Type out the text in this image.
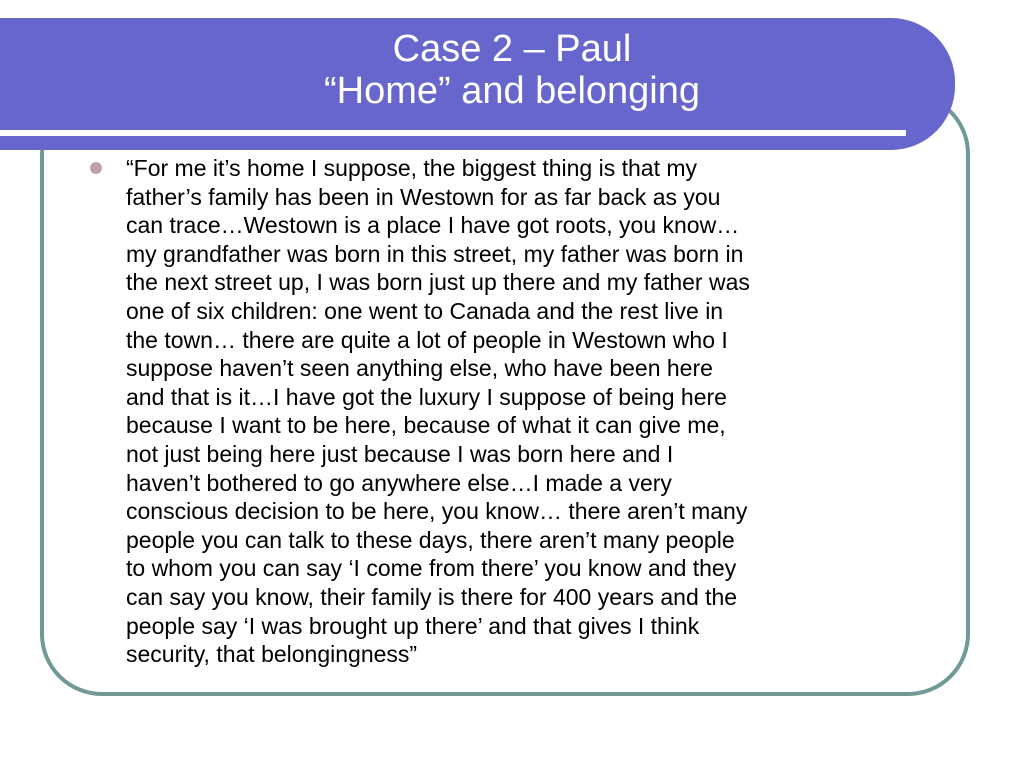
Case 2 – Paul
“Home” and belonging

“For me it’s home I suppose, the biggest thing is that my
father’s family has been in Westown for as far back as you
can trace…Westown is a place I have got roots, you know…
my grandfather was born in this street, my father was born in
the next street up, I was born just up there and my father was
one of six children: one went to Canada and the rest live in
the town… there are quite a lot of people in Westown who I
suppose haven’t seen anything else, who have been here
and that is it…I have got the luxury I suppose of being here
because I want to be here, because of what it can give me,
not just being here just because I was born here and I
haven’t bothered to go anywhere else…I made a very
conscious decision to be here, you know… there aren’t many
people you can talk to these days, there aren’t many people
to whom you can say ‘I come from there’ you know and they
can say you know, their family is there for 400 years and the
people say ‘I was brought up there’ and that gives I think
security, that belongingness”
